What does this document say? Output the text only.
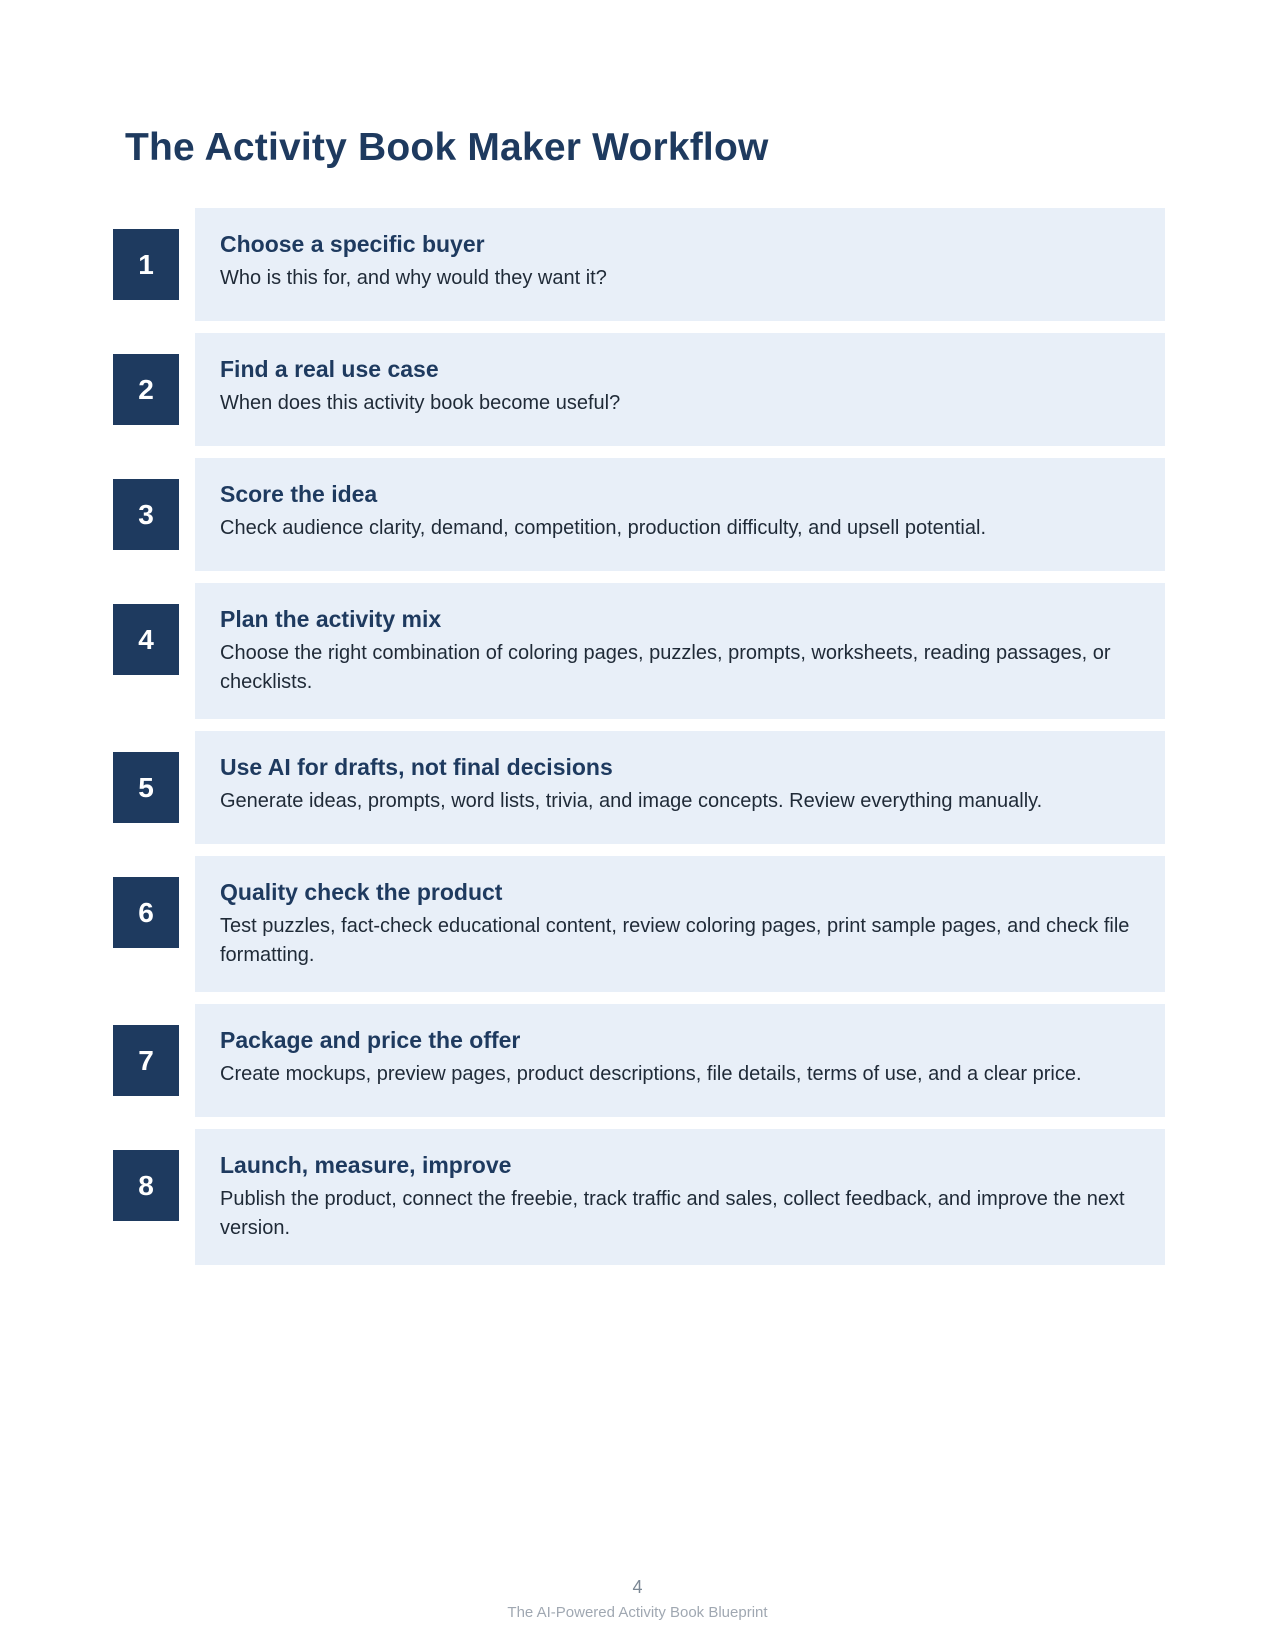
The Activity Book Maker Workflow
1
Choose a specific buyer

Who is this for, and why would they want it?

2
Find a real use case

When does this activity book become useful?

3
Score the idea

Check audience clarity, demand, competition, production difficulty, and upsell potential.

4
Plan the activity mix

Choose the right combination of coloring pages, puzzles, prompts, worksheets, reading passages, or checklists.

5
Use AI for drafts, not final decisions

Generate ideas, prompts, word lists, trivia, and image concepts. Review everything manually.

6
Quality check the product

Test puzzles, fact-check educational content, review coloring pages, print sample pages, and check file formatting.

7
Package and price the offer

Create mockups, preview pages, product descriptions, file details, terms of use, and a clear price.

8
Launch, measure, improve

Publish the product, connect the freebie, track traffic and sales, collect feedback, and improve the next version.

4
The AI-Powered Activity Book Blueprint
